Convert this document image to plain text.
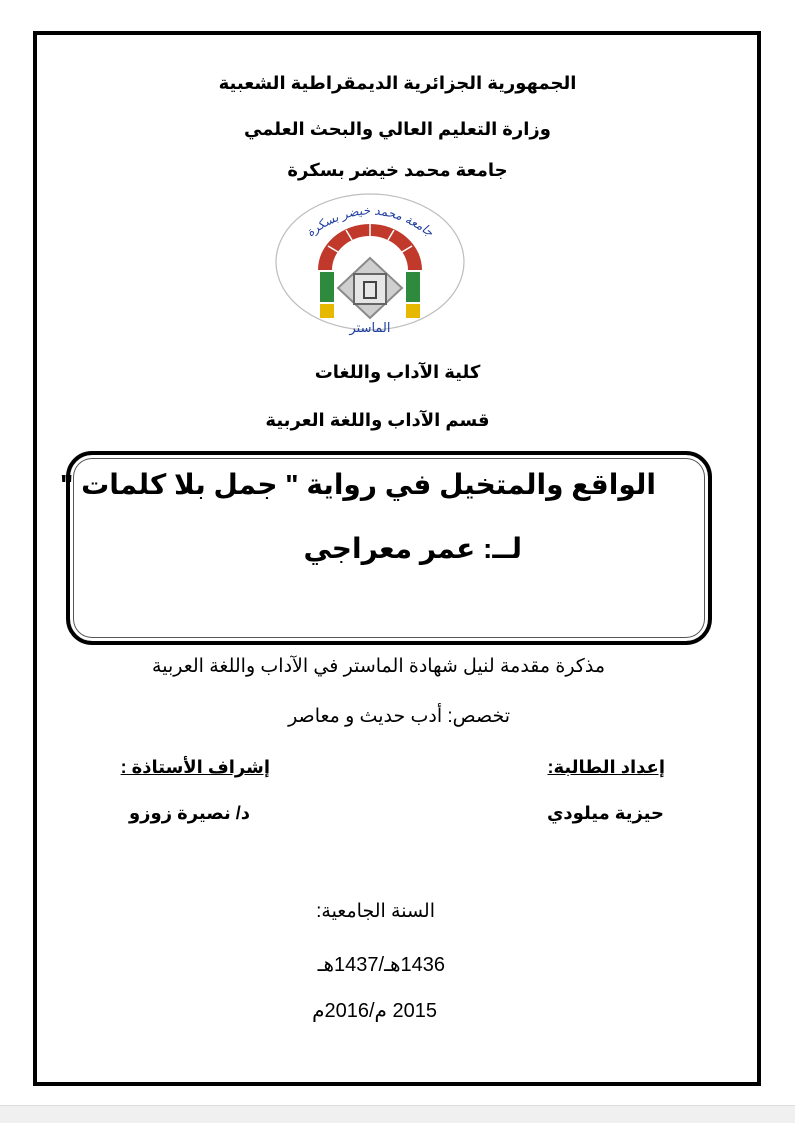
الجمهورية الجزائرية الديمقراطية الشعبية
وزارة التعليم العالي والبحث العلمي
جامعة محمد خيضر بسكرة
جامعة محمد خيضر بسكرة
الماستر
كلية الآداب واللغات
قسم الآداب واللغة العربية
الواقع والمتخيل في رواية " جمل بلا كلمات "
لــ: عمر معراجي
مذكرة مقدمة لنيل شهادة الماستر في الآداب واللغة العربية
تخصص: أدب حديث و معاصر
إعداد الطالبة:
إشراف الأستاذة :
حيزية ميلودي
د/ نصيرة زوزو
السنة الجامعية:
1436هـ/1437هـ
2015 م/2016م
